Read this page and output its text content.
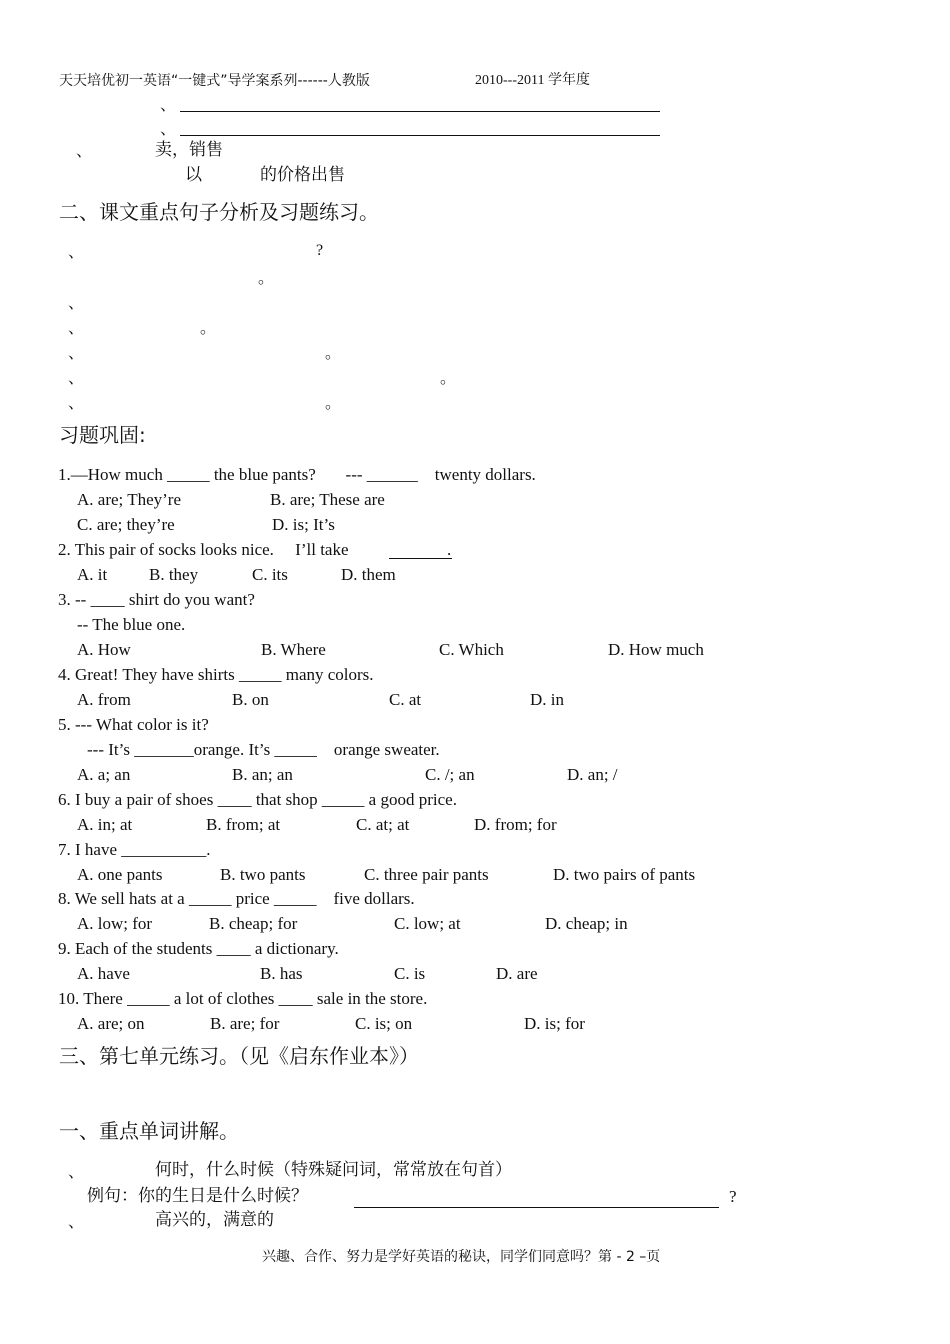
天天培优初一英语“一键式”导学案系列------人教版	2010---2011 学年度
、
、
、	卖，销售
以	的价格出售
二、课文重点句子分析及习题练习。
、	?
。
、
、	。
、	。
、	。
、	。
习题巩固:
1.—How much _____ the blue pants?       --- ______    twenty dollars.
A. are; They’re	B. are; These are
C. are; they’re	D. is; It’s
2. This pair of socks looks nice.     I’ll take	.
A. it B. they	C. its	D. them
3. -- ____ shirt do you want?
-- The blue one.
A. How	B. Where	C. Which	D. How much
4. Great! They have shirts _____ many colors.
A. from	B. on	C. at	D. in
5. --- What color is it?
--- It’s _______orange. It’s _____    orange sweater.
A. a; an	B. an; an	C. /; an	D. an; /
6. I buy a pair of shoes ____ that shop _____ a good price.
A. in; at	B. from; at	C. at; at	D. from; for
7. I have __________.
A. one pants	B. two pants	C. three pair pants	D. two pairs of pants
8. We sell hats at a _____ price _____    five dollars.
A. low; for	B. cheap; for	C. low; at	D. cheap; in
9. Each of the students ____ a dictionary.
A. have	B. has	C. is	D. are
10. There _____ a lot of clothes ____ sale in the store.
A. are; on	B. are; for	C. is; on	D. is; for
三、第七单元练习。（见《启东作业本》）
一、重点单词讲解。
、	何时，什么时候（特殊疑问词，常常放在句首）
例句：你的生日是什么时候？	?
、	高兴的，满意的
兴趣、合作、努力是学好英语的秘诀，同学们同意吗？第 - 2 –页
